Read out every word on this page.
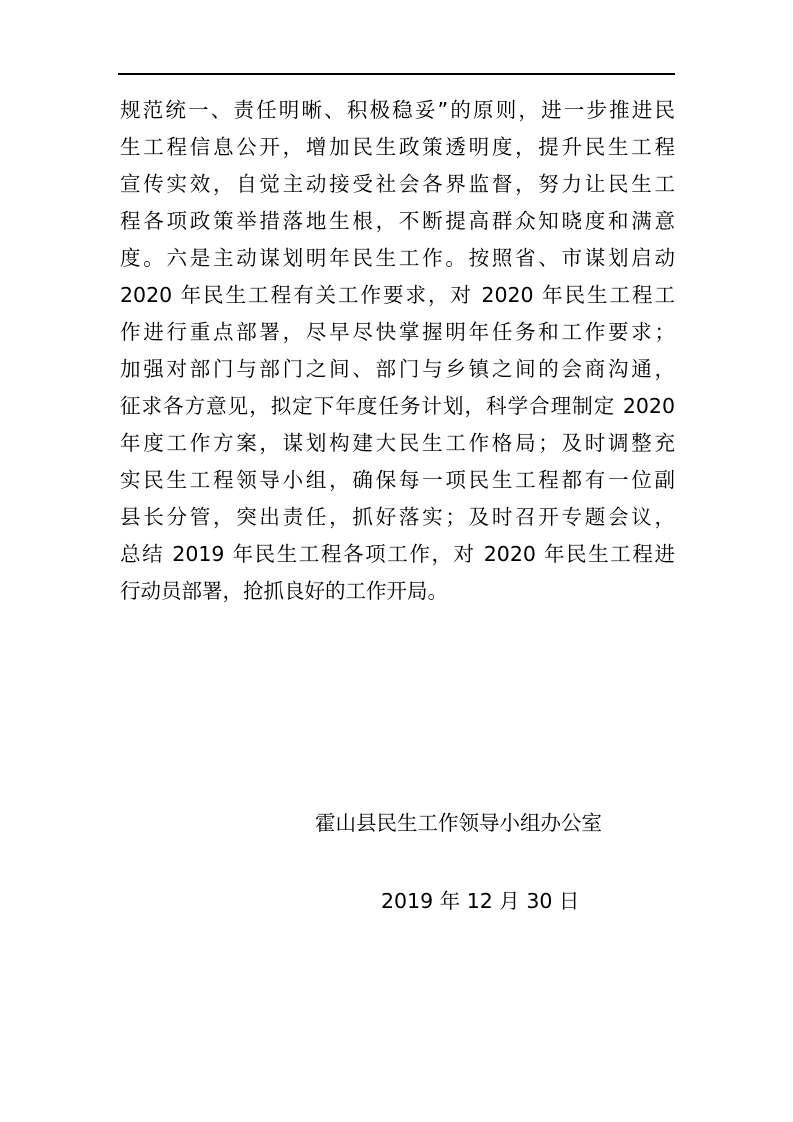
规范统一、责任明晰、积极稳妥”的原则，进一步推进民
生工程信息公开，增加民生政策透明度，提升民生工程
宣传实效，自觉主动接受社会各界监督，努力让民生工
程各项政策举措落地生根，不断提高群众知晓度和满意
度。六是主动谋划明年民生工作。按照省、市谋划启动
2020 年民生工程有关工作要求，对 2020 年民生工程工
作进行重点部署，尽早尽快掌握明年任务和工作要求；
加强对部门与部门之间、部门与乡镇之间的会商沟通，
征求各方意见，拟定下年度任务计划，科学合理制定 2020
年度工作方案，谋划构建大民生工作格局；及时调整充
实民生工程领导小组，确保每一项民生工程都有一位副
县长分管，突出责任，抓好落实；及时召开专题会议，
总结 2019 年民生工程各项工作，对 2020 年民生工程进
行动员部署，抢抓良好的工作开局。
霍山县民生工作领导小组办公室
2019 年 12 月 30 日
